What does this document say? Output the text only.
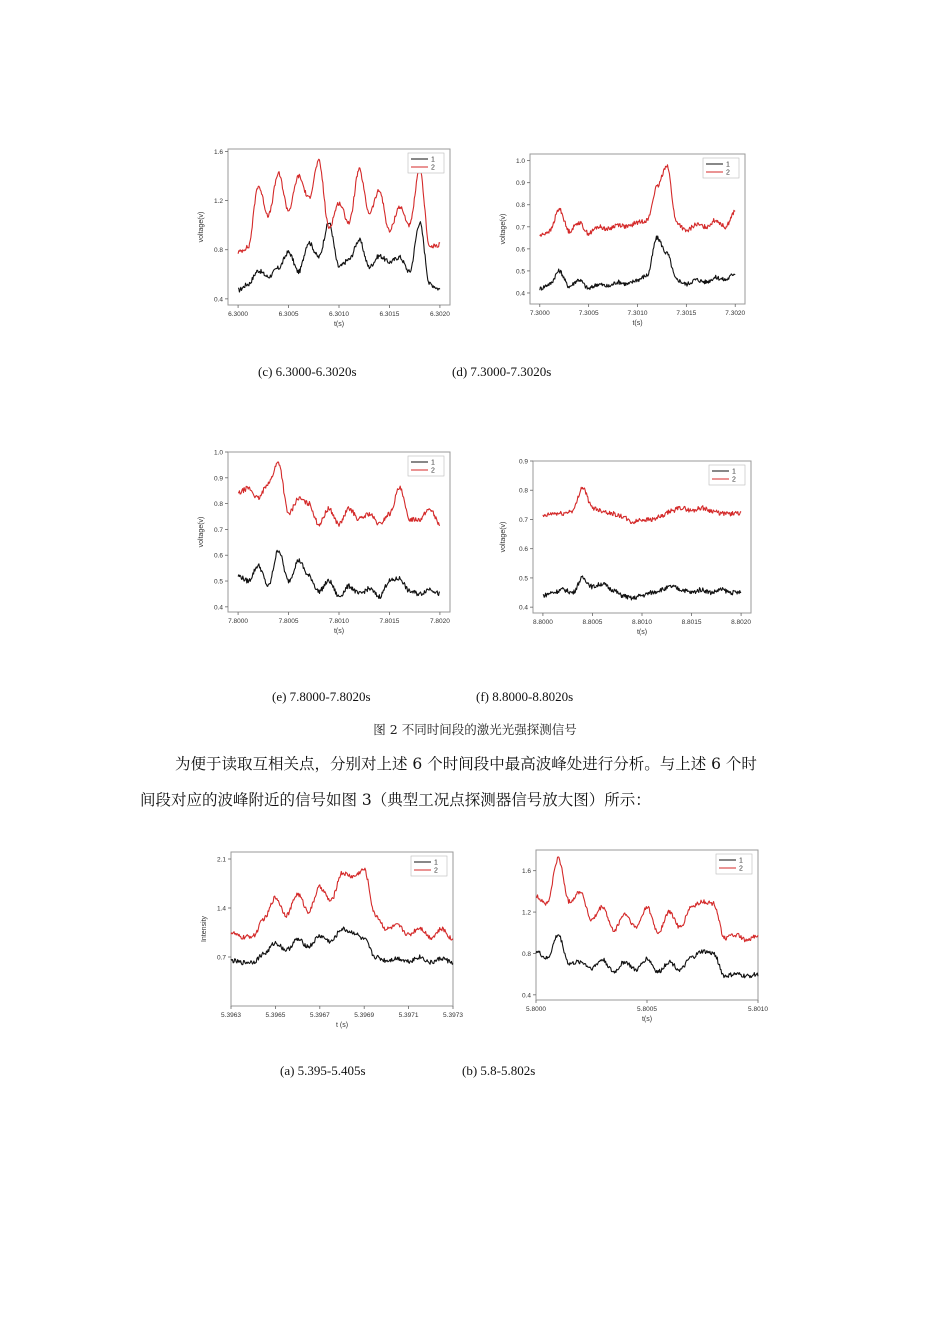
6.3000	6.3005	6.3010	6.3015	6.3020
0.4
0.8
1.2
1.6
t(s)
voltage(v)
1
2
7.3000	7.3005	7.3010	7.3015	7.3020
0.4
0.5
0.6
0.7
0.8
0.9
1.0
t(s)
voltage(v)
1
2
(c) 6.3000-6.3020s	(d) 7.3000-7.3020s
7.8000	7.8005	7.8010	7.8015	7.8020
0.4
0.5
0.6
0.7
0.8
0.9
1.0
t(s)
voltage(v)
1
2
8.8000	8.8005	8.8010	8.8015	8.8020
0.4
0.5
0.6
0.7
0.8
0.9
t(s)
voltage(v)
1
2
(e) 7.8000-7.8020s	(f) 8.8000-8.8020s
图 2 不同时间段的激光光强探测信号

为便于读取互相关点，分别对上述 6 个时间段中最高波峰处进行分析。与上述 6 个时

间段对应的波峰附近的信号如图 3（典型工况点探测器信号放大图）所示：
5.3963	5.3965	5.3967	5.3969	5.3971	5.3973
0.7
1.4
2.1
t (s)
Intensity
1
2
5.8000	5.8005	5.8010
0.4
0.8
1.2
1.6
t(s)
1
2
(a) 5.395-5.405s	(b) 5.8-5.802s
